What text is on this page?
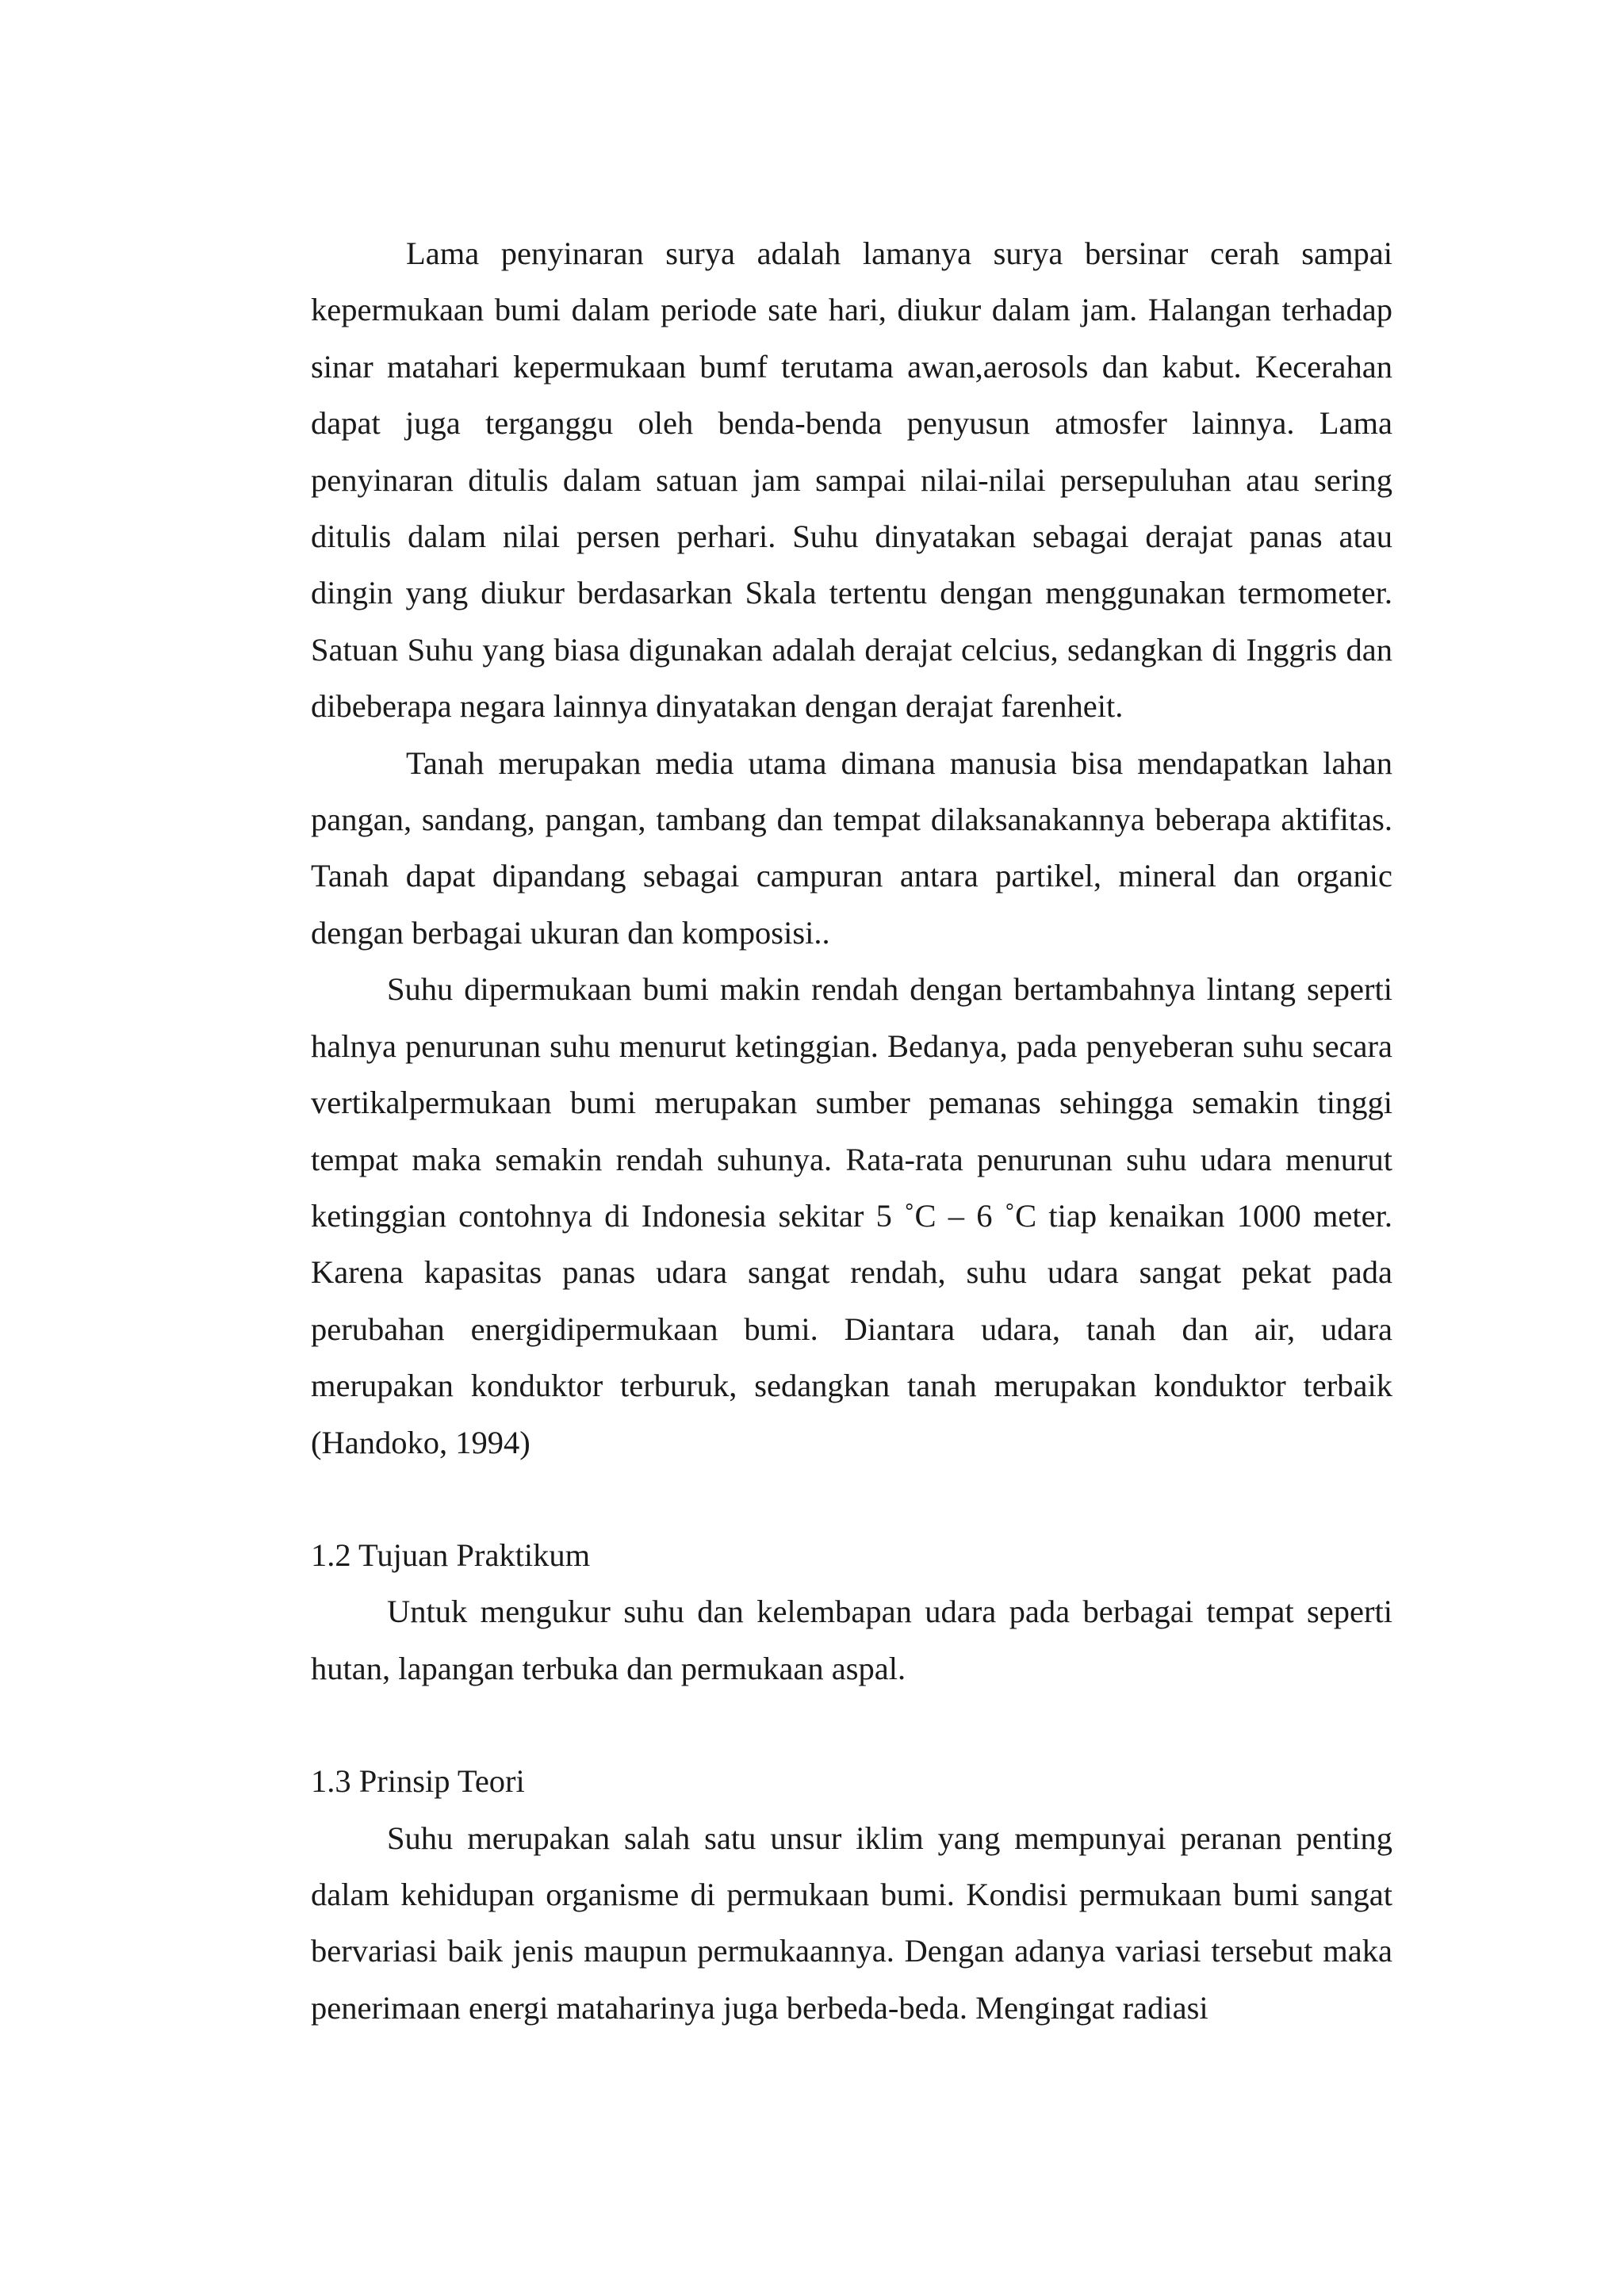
Lama penyinaran surya adalah lamanya surya bersinar cerah sampai kepermukaan bumi dalam periode sate hari, diukur dalam jam. Halangan terhadap sinar matahari kepermukaan bumf terutama awan,aerosols dan kabut. Kecerahan dapat juga terganggu oleh benda-benda penyusun atmosfer lainnya. Lama penyinaran ditulis dalam satuan jam sampai nilai-nilai persepuluhan atau sering ditulis dalam nilai persen perhari. Suhu dinyatakan sebagai derajat panas atau dingin yang diukur berdasarkan Skala tertentu dengan menggunakan termometer. Satuan Suhu yang biasa digunakan adalah derajat celcius, sedangkan di Inggris dan dibeberapa negara lainnya dinyatakan dengan derajat farenheit.

Tanah merupakan media utama dimana manusia bisa mendapatkan lahan pangan, sandang, pangan, tambang dan tempat dilaksanakannya beberapa aktifitas. Tanah dapat dipandang sebagai campuran antara partikel, mineral dan organic dengan berbagai ukuran dan komposisi..

Suhu dipermukaan bumi makin rendah dengan bertambahnya lintang seperti halnya penurunan suhu menurut ketinggian. Bedanya, pada penyeberan suhu secara vertikalpermukaan bumi merupakan sumber pemanas sehingga semakin tinggi tempat maka semakin rendah suhunya. Rata-rata penurunan suhu udara menurut ketinggian contohnya di Indonesia sekitar 5 ˚C – 6 ˚C tiap kenaikan 1000 meter. Karena kapasitas panas udara sangat rendah, suhu udara sangat pekat pada perubahan energidipermukaan bumi. Diantara udara, tanah dan air, udara merupakan konduktor terburuk, sedangkan tanah merupakan konduktor terbaik (Handoko, 1994)

1.2 Tujuan Praktikum

Untuk mengukur suhu dan kelembapan udara pada berbagai tempat seperti hutan, lapangan terbuka dan permukaan aspal.

1.3 Prinsip Teori

Suhu merupakan salah satu unsur iklim yang mempunyai peranan penting dalam kehidupan organisme di permukaan bumi. Kondisi permukaan bumi sangat bervariasi baik jenis maupun permukaannya. Dengan adanya variasi tersebut maka penerimaan energi mataharinya juga berbeda-beda. Mengingat radiasi
